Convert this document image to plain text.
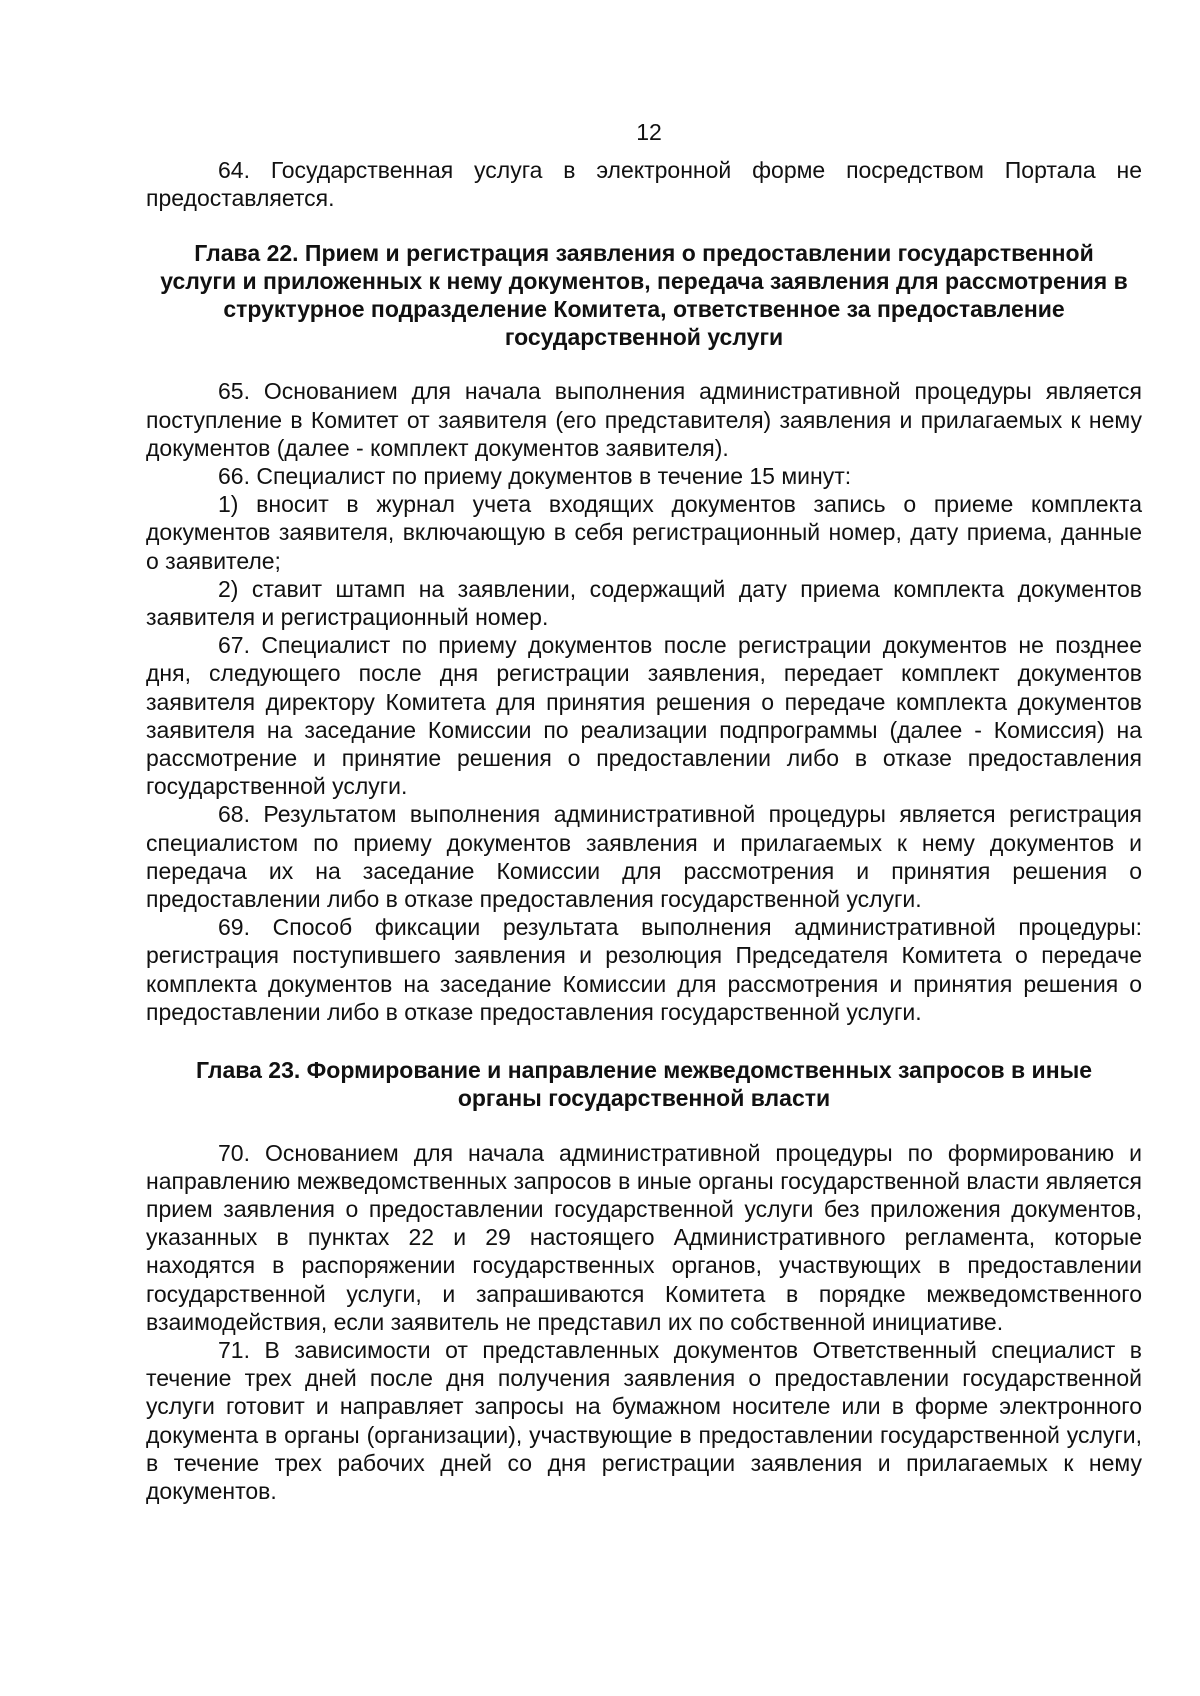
12

64. Государственная услуга в электронной форме посредством Портала не предоставляется.

Глава 22. Прием и регистрация заявления о предоставлении государственной услуги и приложенных к нему документов, передача заявления для рассмотрения в структурное подразделение Комитета, ответственное за предоставление государственной услуги

65. Основанием для начала выполнения административной процедуры является поступление в Комитет от заявителя (его представителя) заявления и прилагаемых к нему документов (далее - комплект документов заявителя).

66. Специалист по приему документов в течение 15 минут:

1) вносит в журнал учета входящих документов запись о приеме комплекта документов заявителя, включающую в себя регистрационный номер, дату приема, данные о заявителе;

2) ставит штамп на заявлении, содержащий дату приема комплекта документов заявителя и регистрационный номер.

67. Специалист по приему документов после регистрации документов не позднее дня, следующего после дня регистрации заявления, передает комплект документов заявителя директору Комитета для принятия решения о передаче комплекта документов заявителя на заседание Комиссии по реализации подпрограммы (далее - Комиссия) на рассмотрение и принятие решения о предоставлении либо в отказе предоставления государственной услуги.

68. Результатом выполнения административной процедуры является регистрация специалистом по приему документов заявления и прилагаемых к нему документов и передача их на заседание Комиссии для рассмотрения и принятия решения о предоставлении либо в отказе предоставления государственной услуги.

69. Способ фиксации результата выполнения административной процедуры: регистрация поступившего заявления и резолюция Председателя Комитета о передаче комплекта документов на заседание Комиссии для рассмотрения и принятия решения о предоставлении либо в отказе предоставления государственной услуги.

Глава 23. Формирование и направление межведомственных запросов в иные органы государственной власти

70. Основанием для начала административной процедуры по формированию и направлению межведомственных запросов в иные органы государственной власти является прием заявления о предоставлении государственной услуги без приложения документов, указанных в пунктах 22 и 29 настоящего Административного регламента, которые находятся в распоряжении государственных органов, участвующих в предоставлении государственной услуги, и запрашиваются Комитета в порядке межведомственного взаимодействия, если заявитель не представил их по собственной инициативе.

71. В зависимости от представленных документов Ответственный специалист в течение трех дней после дня получения заявления о предоставлении государственной услуги готовит и направляет запросы на бумажном носителе или в форме электронного документа в органы (организации), участвующие в предоставлении государственной услуги, в течение трех рабочих дней со дня регистрации заявления и прилагаемых к нему документов.
